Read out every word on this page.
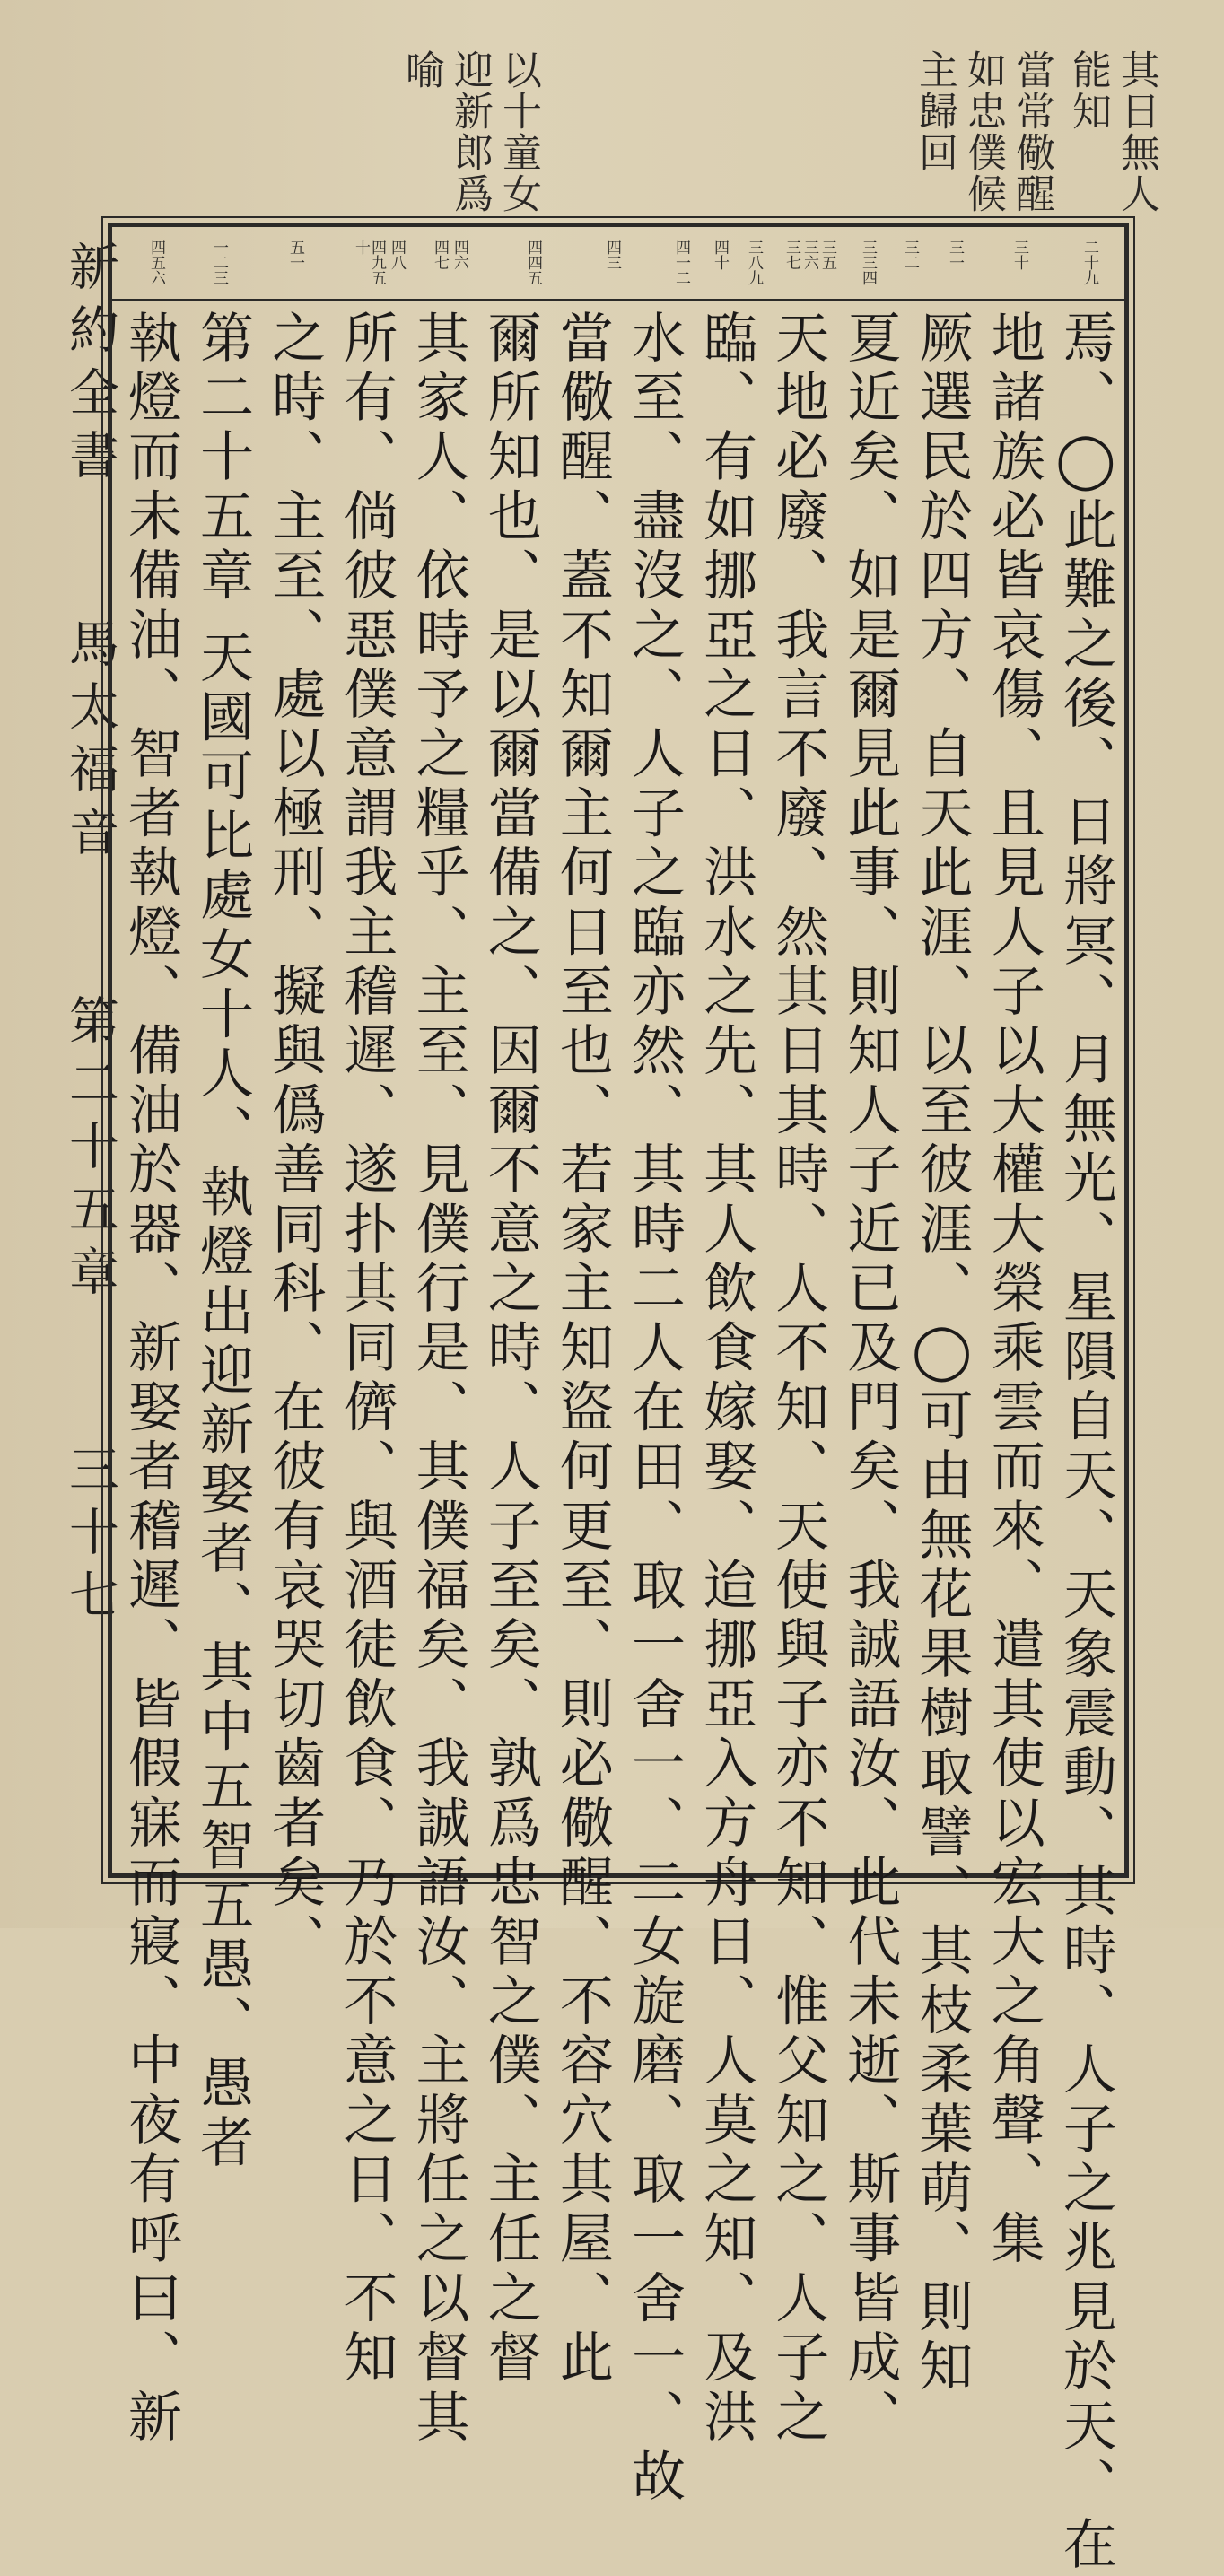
其日無人
能知
當常儆醒
如忠僕候
主歸回
以十童女
迎新郎爲
喻
新約全書
馬太福音
第二十五章
三十七
二十九
三十
三一
三二
三三四
三五
三六
三七
三八九
四十
四一二
四三
四四五
四六
四七
四八
四九五十
五一
一二三
四五六
焉、◯此難之後、日將冥、月無光、星隕自天、天象震動、其時、人子之兆見於天、在
地諸族必皆哀傷、且見人子以大權大榮乘雲而來、遣其使以宏大之角聲、集
厥選民於四方、自天此涯、以至彼涯、◯可由無花果樹取譬、其枝柔葉萌、則知
夏近矣、如是爾見此事、則知人子近已及門矣、我誠語汝、此代未逝、斯事皆成、
天地必廢、我言不廢、然其日其時、人不知、天使與子亦不知、惟父知之、人子之
臨、有如挪亞之日、洪水之先、其人飲食嫁娶、迨挪亞入方舟日、人莫之知、及洪
水至、盡沒之、人子之臨亦然、其時二人在田、取一舍一、二女旋磨、取一舍一、故
當儆醒、蓋不知爾主何日至也、若家主知盜何更至、則必儆醒、不容穴其屋、此
爾所知也、是以爾當備之、因爾不意之時、人子至矣、孰爲忠智之僕、主任之督
其家人、依時予之糧乎、主至、見僕行是、其僕福矣、我誠語汝、主將任之以督其
所有、倘彼惡僕意謂我主稽遲、遂扑其同儕、與酒徒飲食、乃於不意之日、不知
之時、主至、處以極刑、擬與僞善同科、在彼有哀哭切齒者矣、
第二十五章 天國可比處女十人、執燈出迎新娶者、其中五智五愚、愚者
執燈而未備油、智者執燈、備油於器、新娶者稽遲、皆假寐而寢、中夜有呼曰、新
